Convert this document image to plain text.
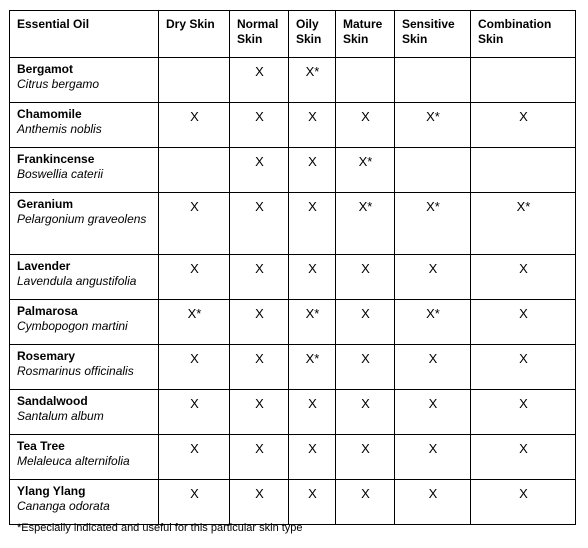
Essential Oil	Dry Skin	Normal Skin	Oily Skin	Mature Skin	Sensitive Skin	Combination Skin

Bergamot
Citrus bergamo		X	X*			

Chamomile
Anthemis noblis	X	X	X	X	X*	X

Frankincense
Boswellia caterii		X	X	X*		

Geranium
Pelargonium graveolens	X	X	X	X*	X*	X*

Lavender
Lavendula angustifolia	X	X	X	X	X	X

Palmarosa
Cymbopogon martini	X*	X	X*	X	X*	X

Rosemary
Rosmarinus officinalis	X	X	X*	X	X	X

Sandalwood
Santalum album	X	X	X	X	X	X

Tea Tree
Melaleuca alternifolia	X	X	X	X	X	X

Ylang Ylang
Cananga odorata	X	X	X	X	X	X
*Especially indicated and useful for this particular skin type
